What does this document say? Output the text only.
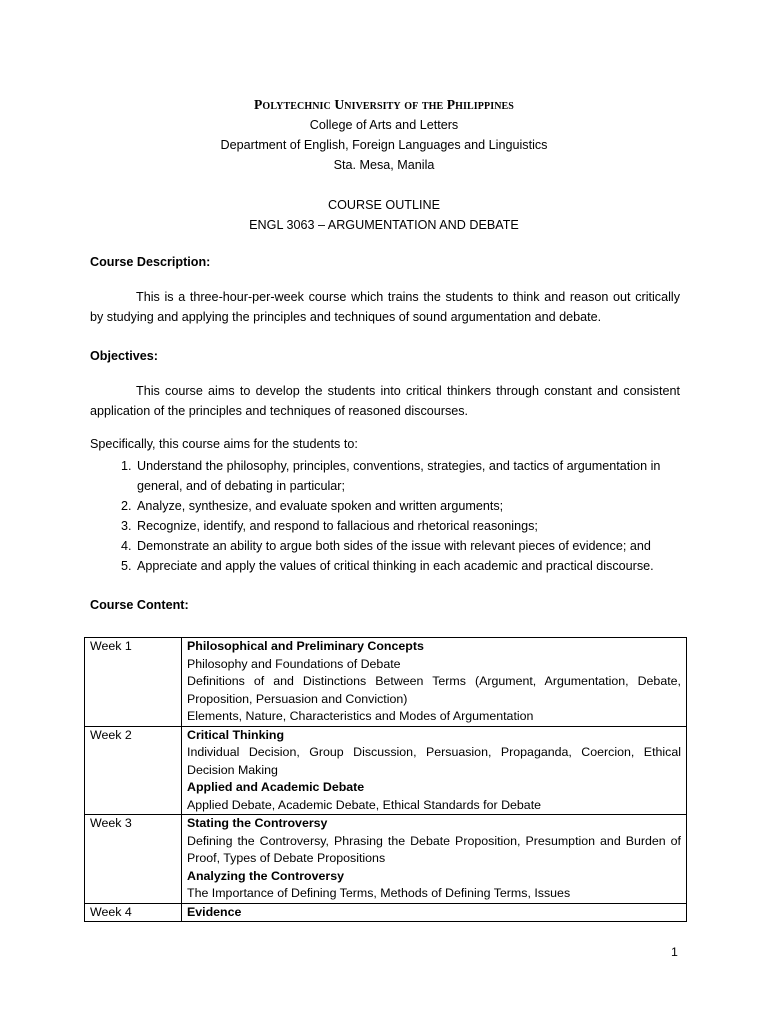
Polytechnic University of the Philippines
College of Arts and Letters
Department of English, Foreign Languages and Linguistics
Sta. Mesa, Manila
COURSE OUTLINE
ENGL 3063 – ARGUMENTATION AND DEBATE
Course Description:
This is a three-hour-per-week course which trains the students to think and reason out critically by studying and applying the principles and techniques of sound argumentation and debate.
Objectives:
This course aims to develop the students into critical thinkers through constant and consistent application of the principles and techniques of reasoned discourses.
Specifically, this course aims for the students to:
1. Understand the philosophy, principles, conventions, strategies, and tactics of argumentation in general, and of debating in particular;
2. Analyze, synthesize, and evaluate spoken and written arguments;
3. Recognize, identify, and respond to fallacious and rhetorical reasonings;
4. Demonstrate an ability to argue both sides of the issue with relevant pieces of evidence; and
5. Appreciate and apply the values of critical thinking in each academic and practical discourse.
Course Content:
Week 1	Philosophical and Preliminary Concepts
Philosophy and Foundations of Debate
Definitions of and Distinctions Between Terms (Argument, Argumentation, Debate, Proposition, Persuasion and Conviction)
Elements, Nature, Characteristics and Modes of Argumentation

Week 2	Critical Thinking
Individual Decision, Group Discussion, Persuasion, Propaganda, Coercion, Ethical Decision Making
Applied and Academic Debate
Applied Debate, Academic Debate, Ethical Standards for Debate

Week 3	Stating the Controversy
Defining the Controversy, Phrasing the Debate Proposition, Presumption and Burden of Proof, Types of Debate Propositions
Analyzing the Controversy
The Importance of Defining Terms, Methods of Defining Terms, Issues

Week 4	Evidence
1
